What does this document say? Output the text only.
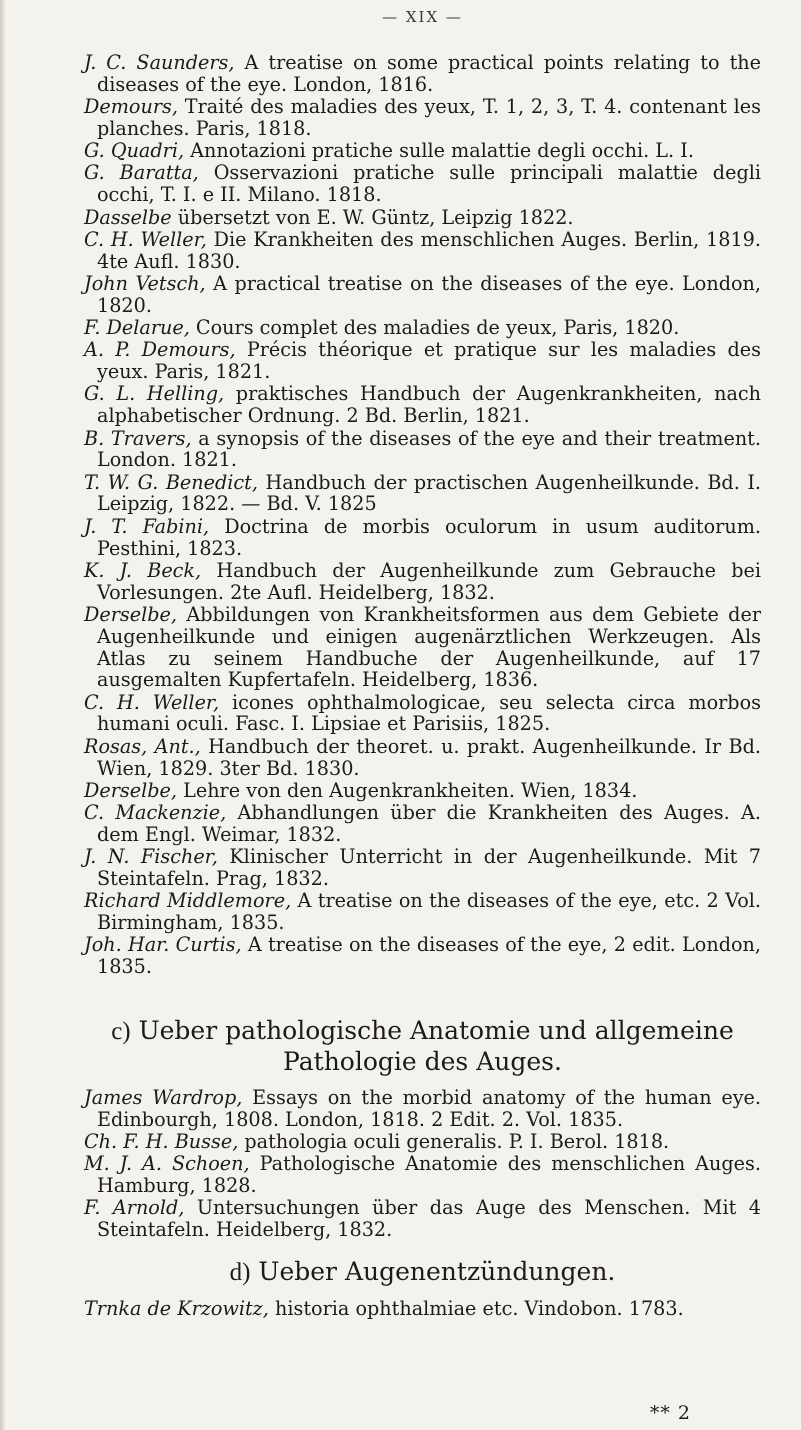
— XIX —

J. C. Saunders, A treatise on some practical points relating to the diseases of the eye. London, 1816.

Demours, Traité des maladies des yeux, T. 1, 2, 3, T. 4. contenant les planches. Paris, 1818.

G. Quadri, Annotazioni pratiche sulle malattie degli occhi. L. I.

G. Baratta, Osservazioni pratiche sulle principali malattie degli occhi, T. I. e II. Milano. 1818.

Dasselbe übersetzt von E. W. Güntz, Leipzig 1822.

C. H. Weller, Die Krankheiten des menschlichen Auges. Berlin, 1819. 4te Aufl. 1830.

John Vetsch, A practical treatise on the diseases of the eye. London, 1820.

F. Delarue, Cours complet des maladies de yeux, Paris, 1820.

A. P. Demours, Précis théorique et pratique sur les maladies des yeux. Paris, 1821.

G. L. Helling, praktisches Handbuch der Augenkrankheiten, nach alphabetischer Ordnung. 2 Bd. Berlin, 1821.

B. Travers, a synopsis of the diseases of the eye and their treatment. London. 1821.

T. W. G. Benedict, Handbuch der practischen Augenheilkunde. Bd. I. Leipzig, 1822. — Bd. V. 1825

J. T. Fabini, Doctrina de morbis oculorum in usum auditorum. Pesthini, 1823.

K. J. Beck, Handbuch der Augenheilkunde zum Gebrauche bei Vorlesungen. 2te Aufl. Heidelberg, 1832.

Derselbe, Abbildungen von Krankheitsformen aus dem Gebiete der Augenheilkunde und einigen augenärztlichen Werkzeugen. Als Atlas zu seinem Handbuche der Augenheilkunde, auf 17 ausgemalten Kupfertafeln. Heidelberg, 1836.

C. H. Weller, icones ophthalmologicae, seu selecta circa morbos humani oculi. Fasc. I. Lipsiae et Parisiis, 1825.

Rosas, Ant., Handbuch der theoret. u. prakt. Augenheilkunde. Ir Bd. Wien, 1829. 3ter Bd. 1830.

Derselbe, Lehre von den Augenkrankheiten. Wien, 1834.

C. Mackenzie, Abhandlungen über die Krankheiten des Auges. A. dem Engl. Weimar, 1832.

J. N. Fischer, Klinischer Unterricht in der Augenheilkunde. Mit 7 Steintafeln. Prag, 1832.

Richard Middlemore, A treatise on the diseases of the eye, etc. 2 Vol. Birmingham, 1835.

Joh. Har. Curtis, A treatise on the diseases of the eye, 2 edit. London, 1835.

c) Ueber pathologische Anatomie und allgemeine Pathologie des Auges.

James Wardrop, Essays on the morbid anatomy of the human eye. Edinbourgh, 1808. London, 1818. 2 Edit. 2. Vol. 1835.

Ch. F. H. Busse, pathologia oculi generalis. P. I. Berol. 1818.

M. J. A. Schoen, Pathologische Anatomie des menschlichen Auges. Hamburg, 1828.

F. Arnold, Untersuchungen über das Auge des Menschen. Mit 4 Steintafeln. Heidelberg, 1832.

d) Ueber Augenentzündungen.

Trnka de Krzowitz, historia ophthalmiae etc. Vindobon. 1783.

** 2
